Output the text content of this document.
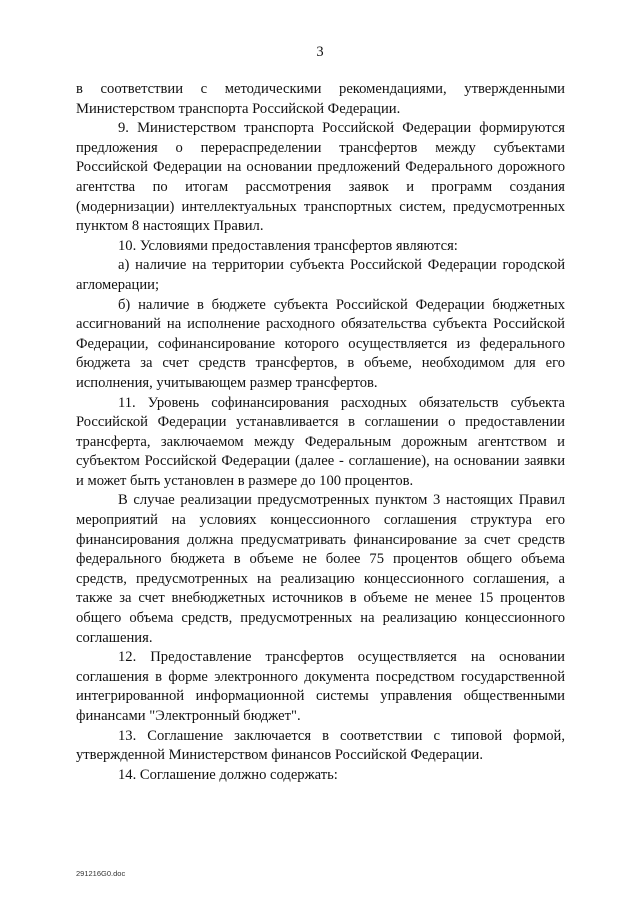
3

в соответствии с методическими рекомендациями, утвержденными Министерством транспорта Российской Федерации.

9. Министерством транспорта Российской Федерации формируются предложения о перераспределении трансфертов между субъектами Российской Федерации на основании предложений Федерального дорожного агентства по итогам рассмотрения заявок и программ создания (модернизации) интеллектуальных транспортных систем, предусмотренных пунктом 8 настоящих Правил.

10. Условиями предоставления трансфертов являются:

а) наличие на территории субъекта Российской Федерации городской агломерации;

б) наличие в бюджете субъекта Российской Федерации бюджетных ассигнований на исполнение расходного обязательства субъекта Российской Федерации, софинансирование которого осуществляется из федерального бюджета за счет средств трансфертов, в объеме, необходимом для его исполнения, учитывающем размер трансфертов.

11. Уровень софинансирования расходных обязательств субъекта Российской Федерации устанавливается в соглашении о предоставлении трансферта, заключаемом между Федеральным дорожным агентством и субъектом Российской Федерации (далее - соглашение), на основании заявки и может быть установлен в размере до 100 процентов.

В случае реализации предусмотренных пунктом 3 настоящих Правил мероприятий на условиях концессионного соглашения структура его финансирования должна предусматривать финансирование за счет средств федерального бюджета в объеме не более 75 процентов общего объема средств, предусмотренных на реализацию концессионного соглашения, а также за счет внебюджетных источников в объеме не менее 15 процентов общего объема средств, предусмотренных на реализацию концессионного соглашения.

12. Предоставление трансфертов осуществляется на основании соглашения в форме электронного документа посредством государственной интегрированной информационной системы управления общественными финансами "Электронный бюджет".

13. Соглашение заключается в соответствии с типовой формой, утвержденной Министерством финансов Российской Федерации.

14. Соглашение должно содержать:

291216G0.doc
